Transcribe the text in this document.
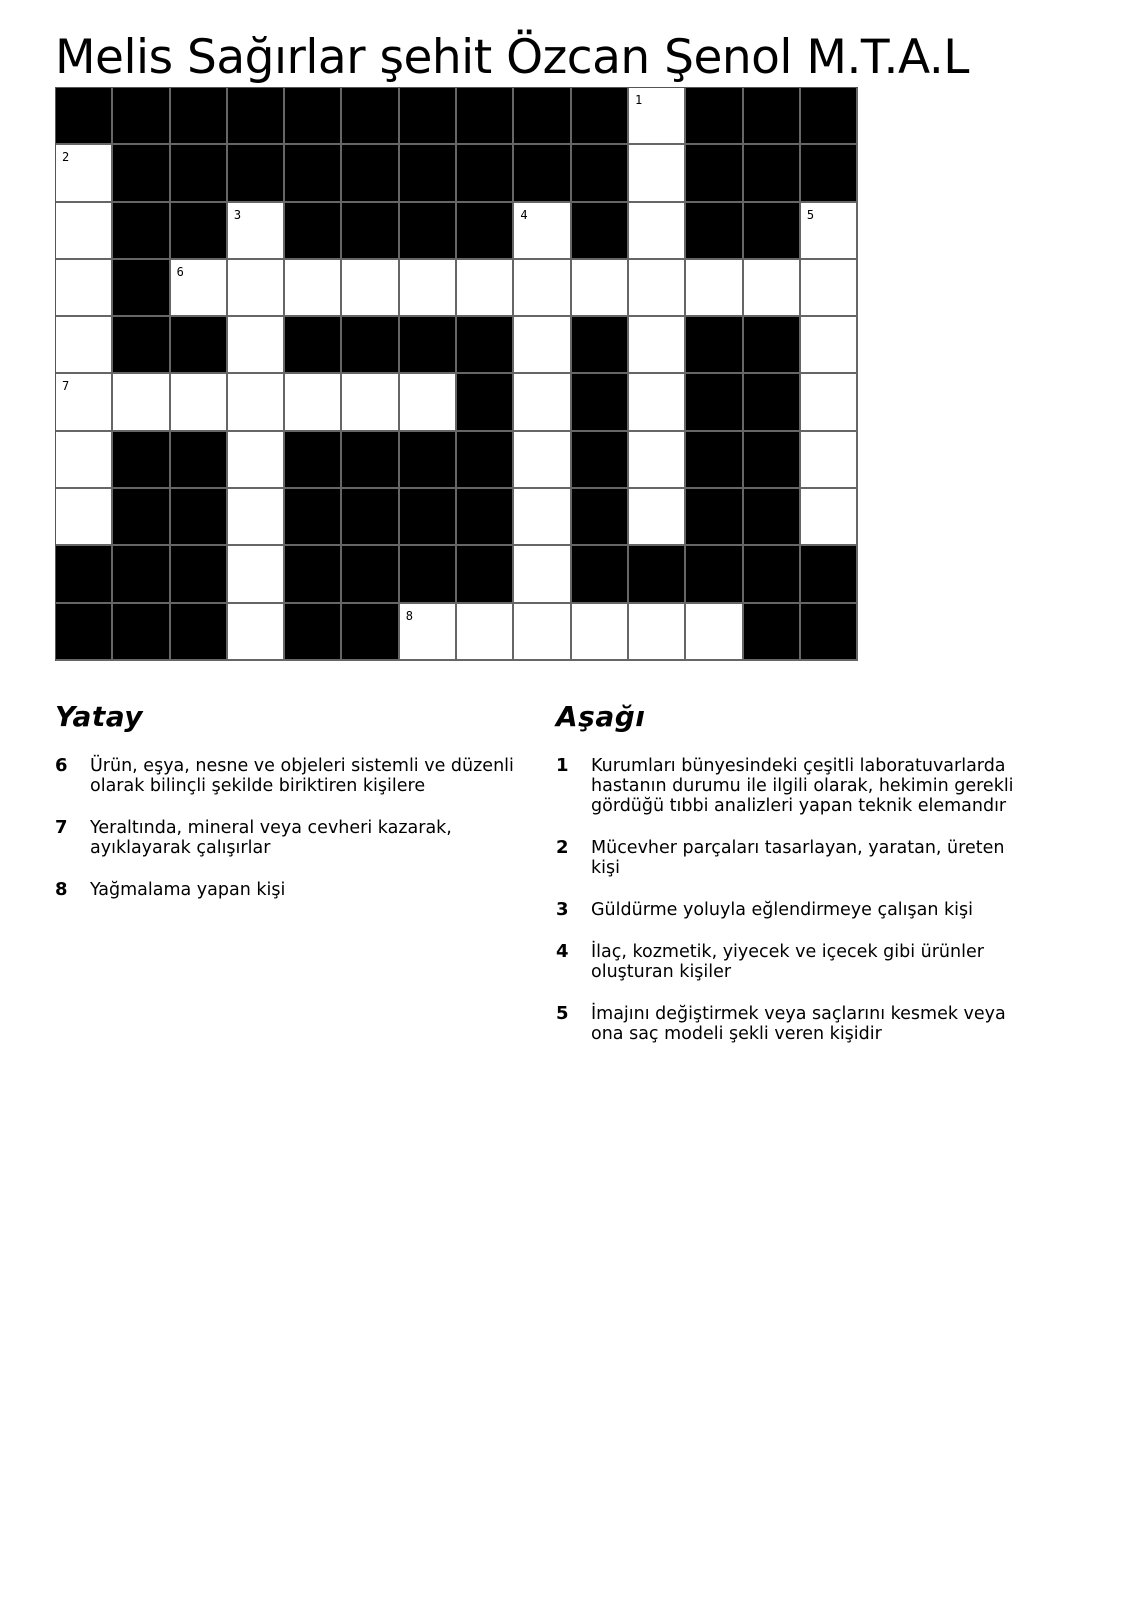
Melis Sağırlar şehit Özcan Şenol M.T.A.L
1
2
3	4	5
6
7
8
Yatay
6	Ürün, eşya, nesne ve objeleri sistemli ve düzenli olarak bilinçli şekilde biriktiren kişilere
7	Yeraltında, mineral veya cevheri kazarak, ayıklayarak çalışırlar
8	Yağmalama yapan kişi
Aşağı
1	Kurumları bünyesindeki çeşitli laboratuvarlarda hastanın durumu ile ilgili olarak, hekimin gerekli gördüğü tıbbi analizleri yapan teknik elemandır
2	Mücevher parçaları tasarlayan, yaratan, üreten kişi
3	Güldürme yoluyla eğlendirmeye çalışan kişi
4	İlaç, kozmetik, yiyecek ve içecek gibi ürünler oluşturan kişiler
5	İmajını değiştirmek veya saçlarını kesmek veya ona saç modeli şekli veren kişidir
